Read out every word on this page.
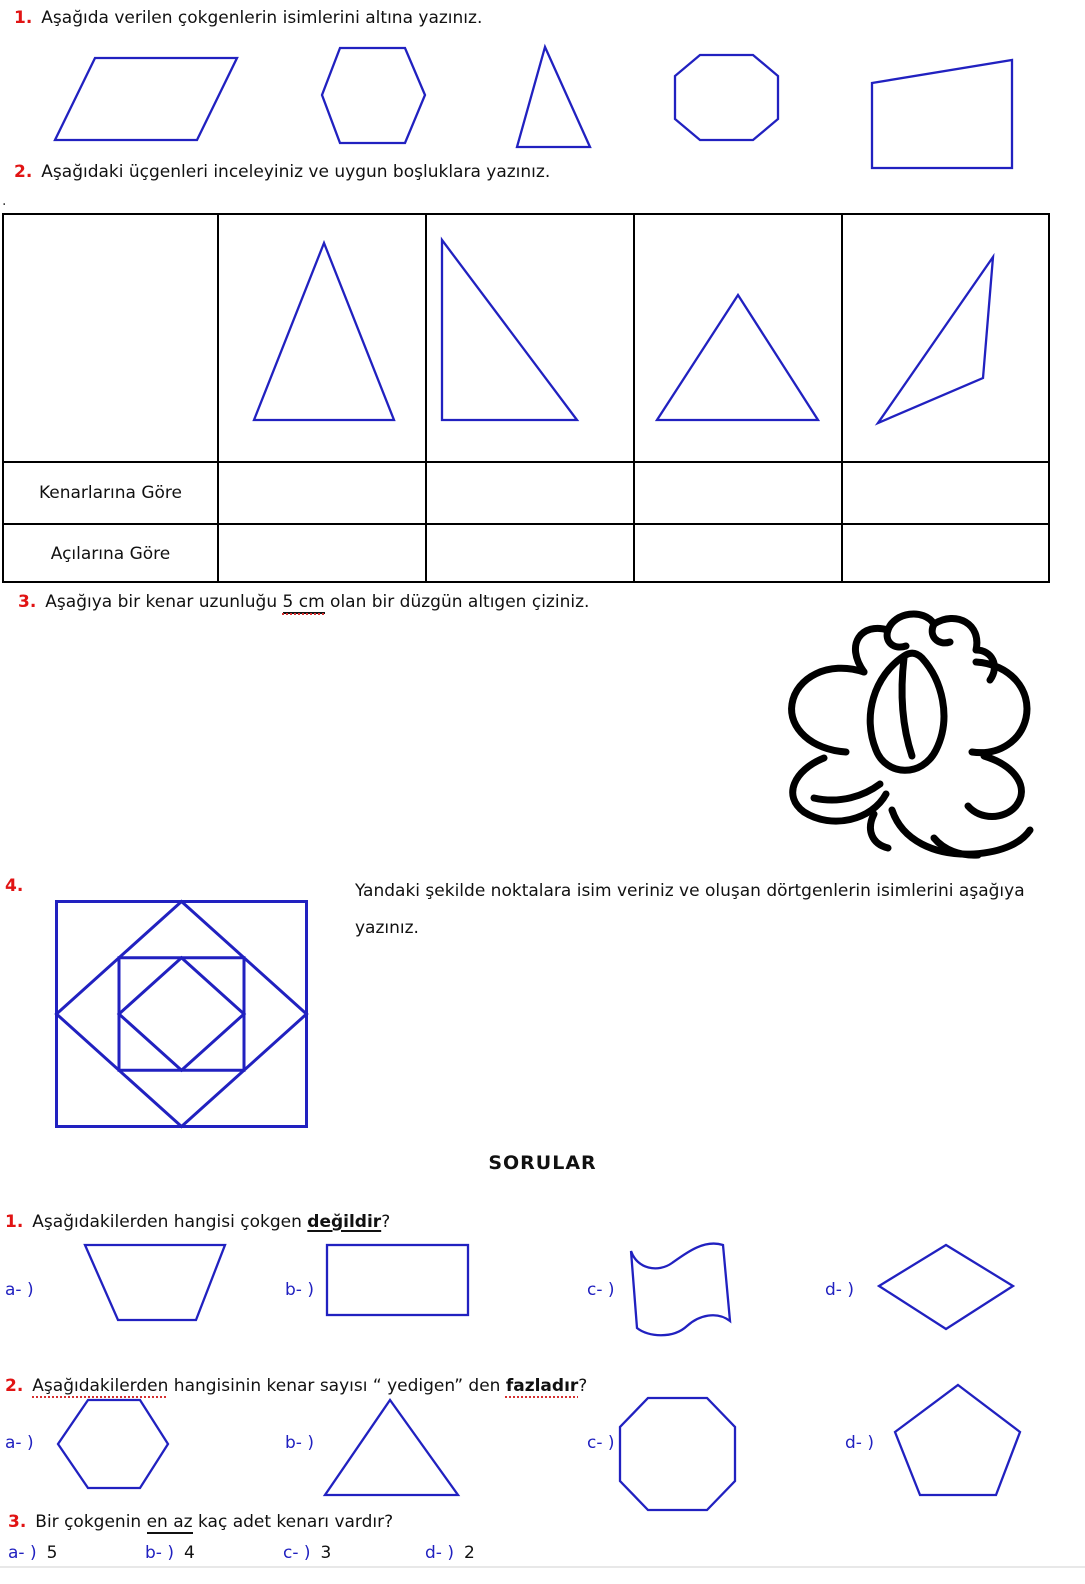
1. Aşağıda verilen çokgenlerin isimlerini altına yazınız.
2. Aşağıdaki üçgenleri inceleyiniz ve uygun boşluklara yazınız.
.
Kenarlarına Göre
Açılarına Göre
3. Aşağıya bir kenar uzunluğu 5 cm olan bir düzgün altıgen çiziniz.
4.	Yandaki şekilde noktalara isim veriniz ve oluşan dörtgenlerin isimlerini aşağıya yazınız.
SORULAR
1. Aşağıdakilerden hangisi çokgen değildir?
a- )	b- )	c- )	d- )
2. Aşağıdakilerden hangisinin kenar sayısı “ yedigen” den fazladır?
a- )	b- )	c- )	d- )
3. Bir çokgenin en az kaç adet kenarı vardır?
a- ) 5	b- ) 4	c- ) 3	d- ) 2
